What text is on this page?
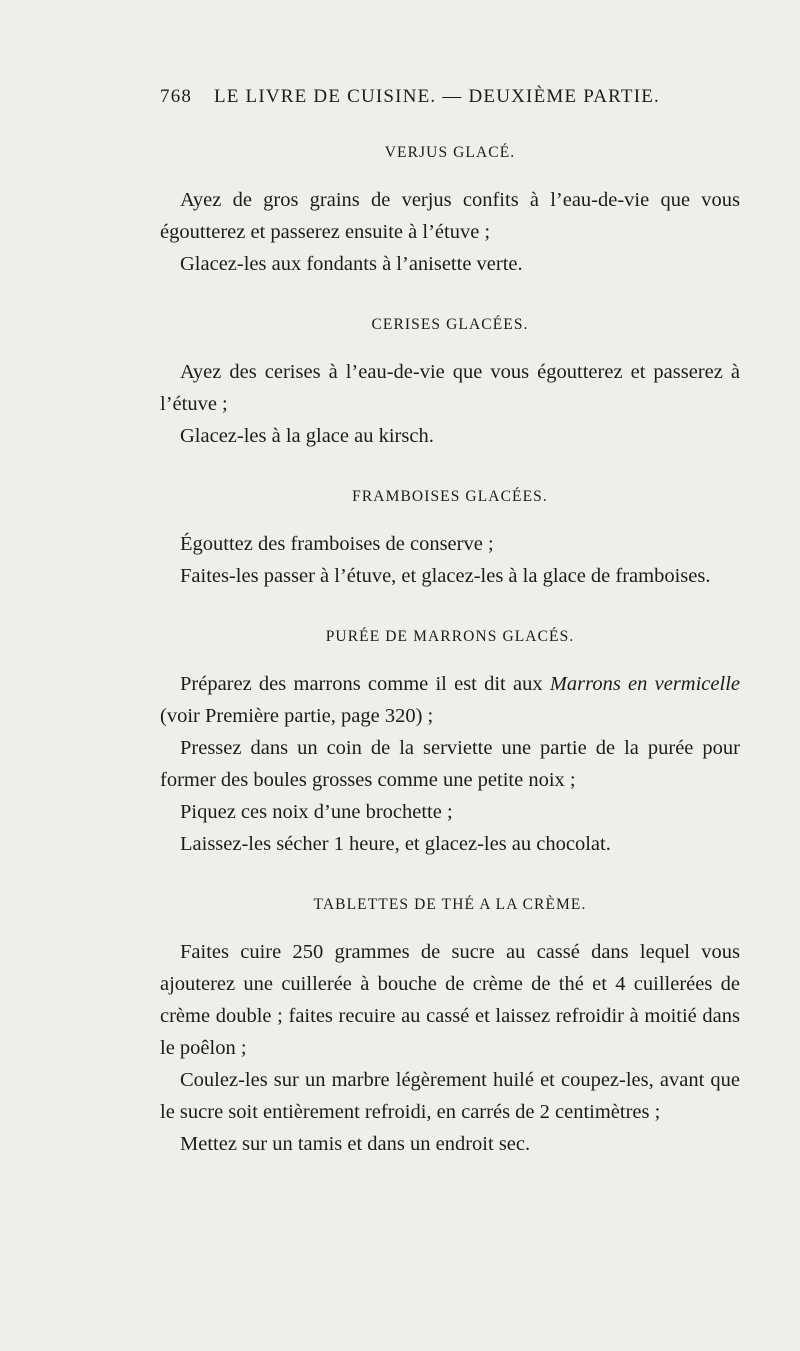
768 LE LIVRE DE CUISINE. — DEUXIÈME PARTIE.
VERJUS GLACÉ.

Ayez de gros grains de verjus confits à l’eau-de-vie que vous égoutterez et passerez ensuite à l’étuve ;

Glacez-les aux fondants à l’anisette verte.

CERISES GLACÉES.

Ayez des cerises à l’eau-de-vie que vous égoutterez et passerez à l’étuve ;

Glacez-les à la glace au kirsch.

FRAMBOISES GLACÉES.

Égouttez des framboises de conserve ;

Faites-les passer à l’étuve, et glacez-les à la glace de framboises.

PURÉE DE MARRONS GLACÉS.

Préparez des marrons comme il est dit aux Marrons en vermicelle (voir Première partie, page 320) ;

Pressez dans un coin de la serviette une partie de la purée pour former des boules grosses comme une petite noix ;

Piquez ces noix d’une brochette ;

Laissez-les sécher 1 heure, et glacez-les au chocolat.

TABLETTES DE THÉ A LA CRÈME.

Faites cuire 250 grammes de sucre au cassé dans lequel vous ajouterez une cuillerée à bouche de crème de thé et 4 cuillerées de crème double ; faites recuire au cassé et laissez refroidir à moitié dans le poêlon ;

Coulez-les sur un marbre légèrement huilé et coupez-les, avant que le sucre soit entièrement refroidi, en carrés de 2 centimètres ;

Mettez sur un tamis et dans un endroit sec.
